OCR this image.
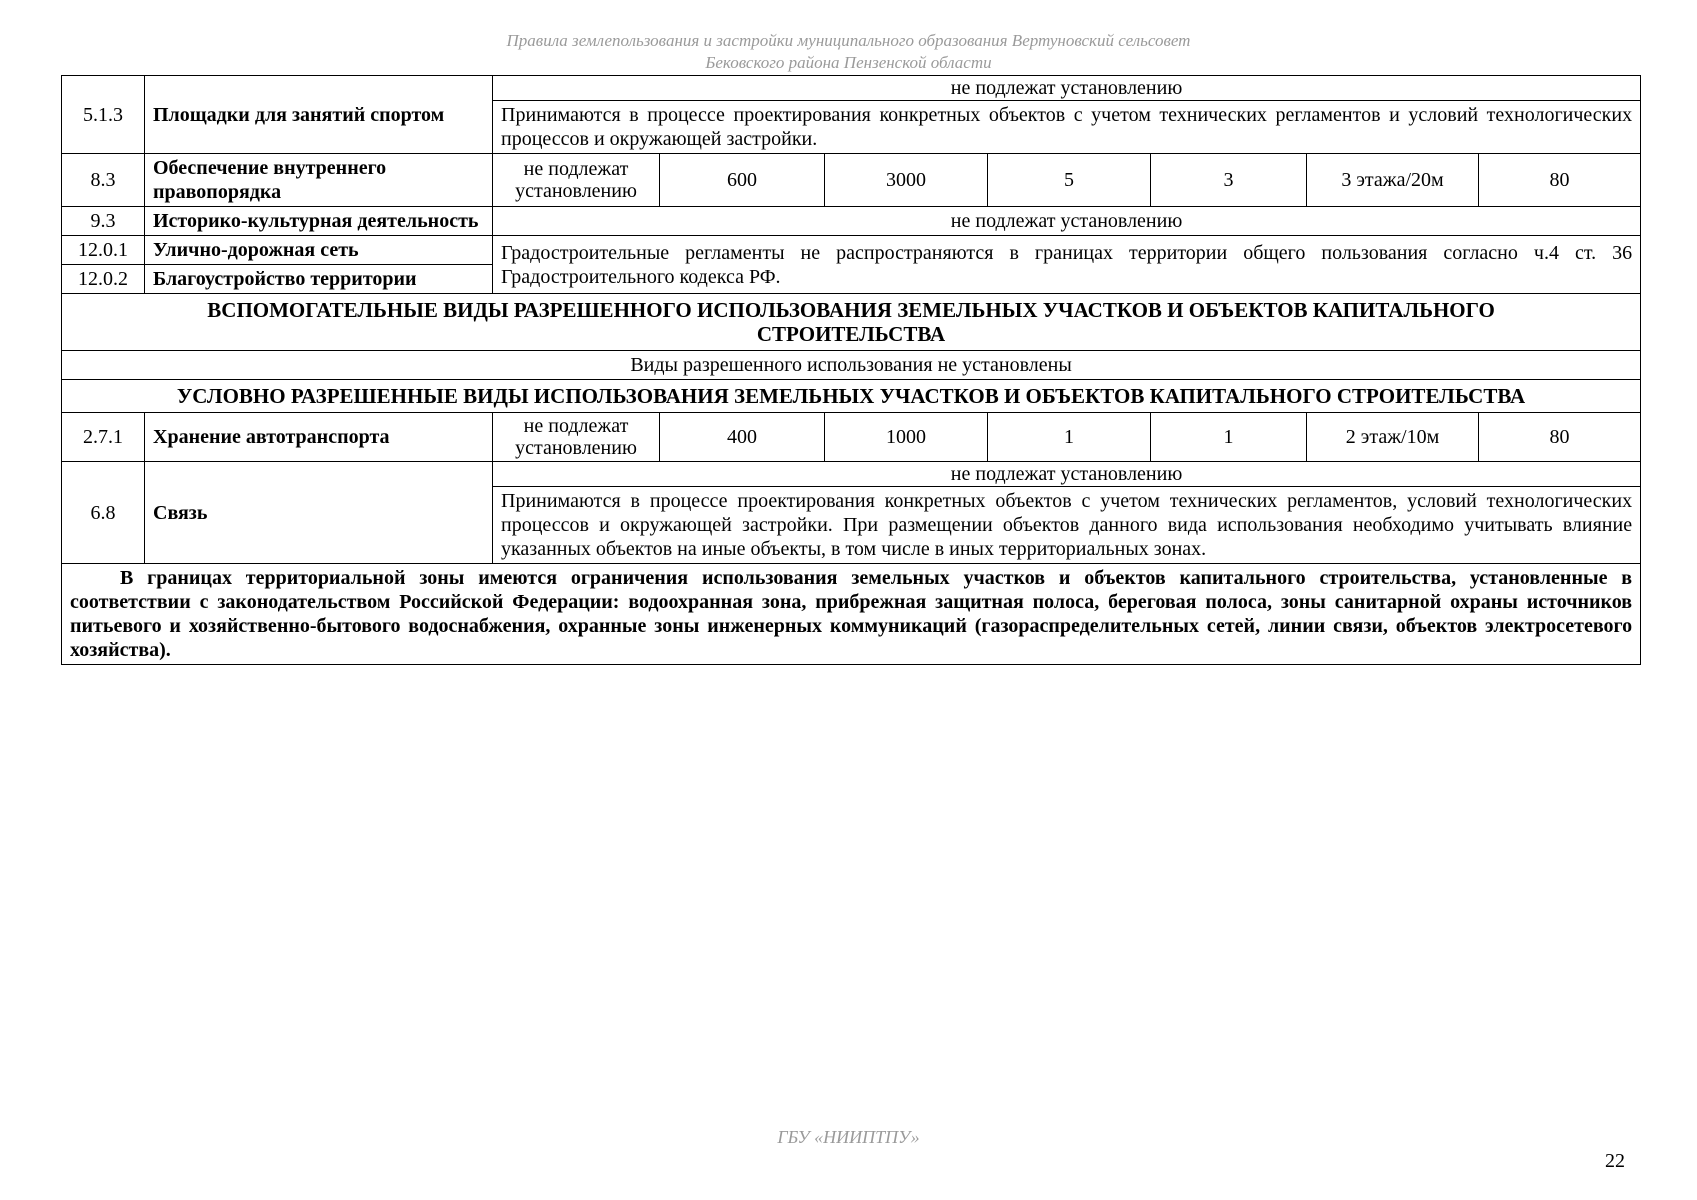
Правила землепользования и застройки муниципального образования Вертуновский сельсовет
Бековского района Пензенской области
5.1.3	Площадки для занятий спортом	не подлежат установлению						
		Принимаются в процессе проектирования конкретных объектов с учетом технических регламентов и условий технологических процессов и окружающей застройки.						
8.3	Обеспечение внутреннего правопорядка	не подлежат установлению	600	3000	5	3	3 этажа/20м	80
9.3	Историко-культурная деятельность	не подлежат установлению						
12.0.1	Улично-дорожная сеть	Градостроительные регламенты не распространяются в границах территории общего пользования согласно ч.4 ст. 36 Градостроительного кодекса РФ.						
12.0.2	Благоустройство территории							
ВСПОМОГАТЕЛЬНЫЕ ВИДЫ РАЗРЕШЕННОГО ИСПОЛЬЗОВАНИЯ ЗЕМЕЛЬНЫХ УЧАСТКОВ И ОБЪЕКТОВ КАПИТАЛЬНОГО СТРОИТЕЛЬСТВА								
Виды разрешенного использования не установлены								
УСЛОВНО РАЗРЕШЕННЫЕ ВИДЫ ИСПОЛЬЗОВАНИЯ ЗЕМЕЛЬНЫХ УЧАСТКОВ И ОБЪЕКТОВ КАПИТАЛЬНОГО СТРОИТЕЛЬСТВА								
2.7.1	Хранение автотранспорта	не подлежат установлению	400	1000	1	1	2 этаж/10м	80
6.8	Связь	не подлежат установлению						
		Принимаются в процессе проектирования конкретных объектов с учетом технических регламентов, условий технологических процессов и окружающей застройки. При размещении объектов данного вида использования необходимо учитывать влияние указанных объектов на иные объекты, в том числе в иных территориальных зонах.						
В границах территориальной зоны имеются ограничения использования земельных участков и объектов капитального строительства, установленные в соответствии с законодательством Российской Федерации: водоохранная зона, прибрежная защитная полоса, береговая полоса, зоны санитарной охраны источников питьевого и хозяйственно-бытового водоснабжения, охранные зоны инженерных коммуникаций (газораспределительных сетей, линии связи, объектов электросетевого хозяйства).								
ГБУ «НИИПТПУ»
22
